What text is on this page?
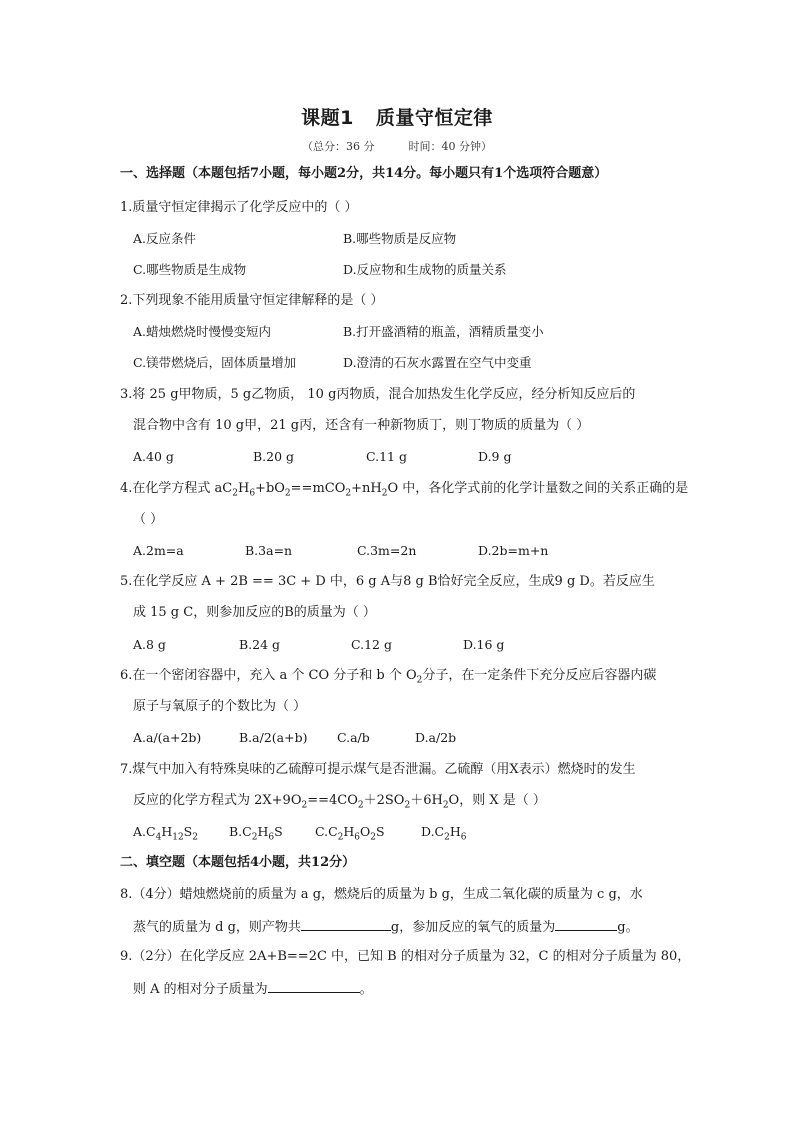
课题1 质量守恒定律
（总分：36 分	时间：40 分钟）
一、选择题（本题包括7小题，每小题2分，共14分。每小题只有1个选项符合题意）
1.质量守恒定律揭示了化学反应中的（ ）
A.反应条件	B.哪些物质是反应物
C.哪些物质是生成物	D.反应物和生成物的质量关系
2.下列现象不能用质量守恒定律解释的是（ ）
A.蜡烛燃烧时慢慢变短内	B.打开盛酒精的瓶盖，酒精质量变小
C.镁带燃烧后，固体质量增加	D.澄清的石灰水露置在空气中变重
3.将 25 g甲物质，5 g乙物质， 10 g丙物质，混合加热发生化学反应，经分析知反应后的
混合物中含有 10 g甲，21 g丙，还含有一种新物质丁，则丁物质的质量为（ ）
A.40 g	B.20 g	C.11 g	D.9 g
4.在化学方程式 $aC_2H_6+bO_2==mCO_2+nH_2O$ 中，各化学式前的化学计量数之间的关系正确的是
（ ）
A.2m=a	B.3a=n	C.3m=2n	D.2b=m+n
5.在化学反应 A + 2B == 3C + D 中，6 g A与8 g B恰好完全反应，生成9 g D。若反应生
成 15 g C，则参加反应的B的质量为（ ）
A.8 g	B.24 g	C.12 g	D.16 g
6.在一个密闭容器中，充入 a 个 CO 分子和 b 个 $O_2$分子，在一定条件下充分反应后容器内碳
原子与氧原子的个数比为（ ）
A.a/(a+2b)	B.a/2(a+b) C.a/b	D.a/2b
7.煤气中加入有特殊臭味的乙硫醇可提示煤气是否泄漏。乙硫醇（用X表示）燃烧时的发生
反应的化学方程式为 $2X+9O_2==4CO_2+2SO_2+6H_2O$，则 X 是（ ）
$A.C_4H_{12}S_2$ $B.C_2H_6S$	$C.C_2H_6O_2S$	$D.C_2H_6$
二、填空题（本题包括4小题，共12分）
8.（4分）蜡烛燃烧前的质量为 a g，燃烧后的质量为 b g，生成二氧化碳的质量为 c g，水
蒸气的质量为 d g，则产物共	g，参加反应的氧气的质量为	g。
9.（2分）在化学反应 2A+B==2C 中，已知 B 的相对分子质量为 32，C 的相对分子质量为 80，
则 A 的相对分子质量为	。
